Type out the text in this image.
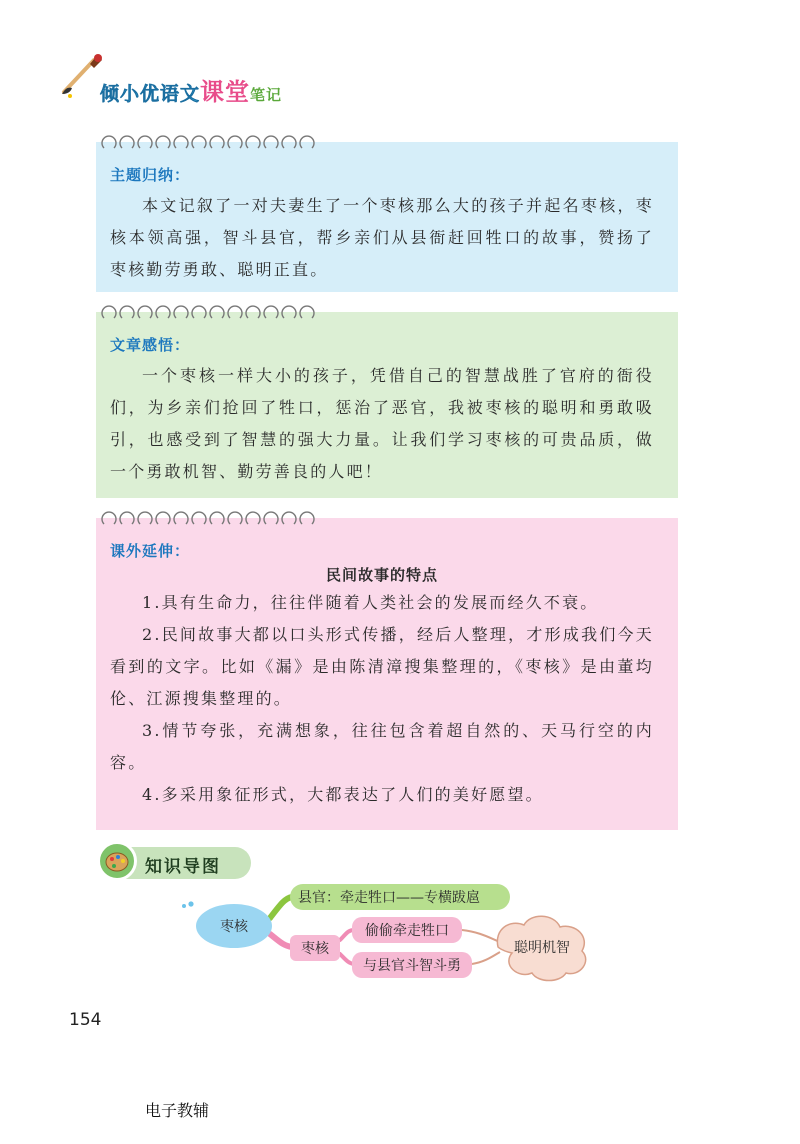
倾小优语文课堂笔记
主题归纳：

本文记叙了一对夫妻生了一个枣核那么大的孩子并起名枣核，枣核本领高强，智斗县官，帮乡亲们从县衙赶回牲口的故事，赞扬了枣核勤劳勇敢、聪明正直。

文章感悟：

一个枣核一样大小的孩子，凭借自己的智慧战胜了官府的衙役们，为乡亲们抢回了牲口，惩治了恶官，我被枣核的聪明和勇敢吸引，也感受到了智慧的强大力量。让我们学习枣核的可贵品质，做一个勇敢机智、勤劳善良的人吧！

课外延伸：
民间故事的特点

1.具有生命力，往往伴随着人类社会的发展而经久不衰。

2.民间故事大都以口头形式传播，经后人整理，才形成我们今天看到的文字。比如《漏》是由陈清漳搜集整理的，《枣核》是由董均伦、江源搜集整理的。

3.情节夸张，充满想象，往往包含着超自然的、天马行空的内容。

4.多采用象征形式，大都表达了人们的美好愿望。

知识导图
枣核
县官：牵走牲口——专横跋扈
枣核
偷偷牵走牲口
与县官斗智斗勇
聪明机智
154
电子教辅
